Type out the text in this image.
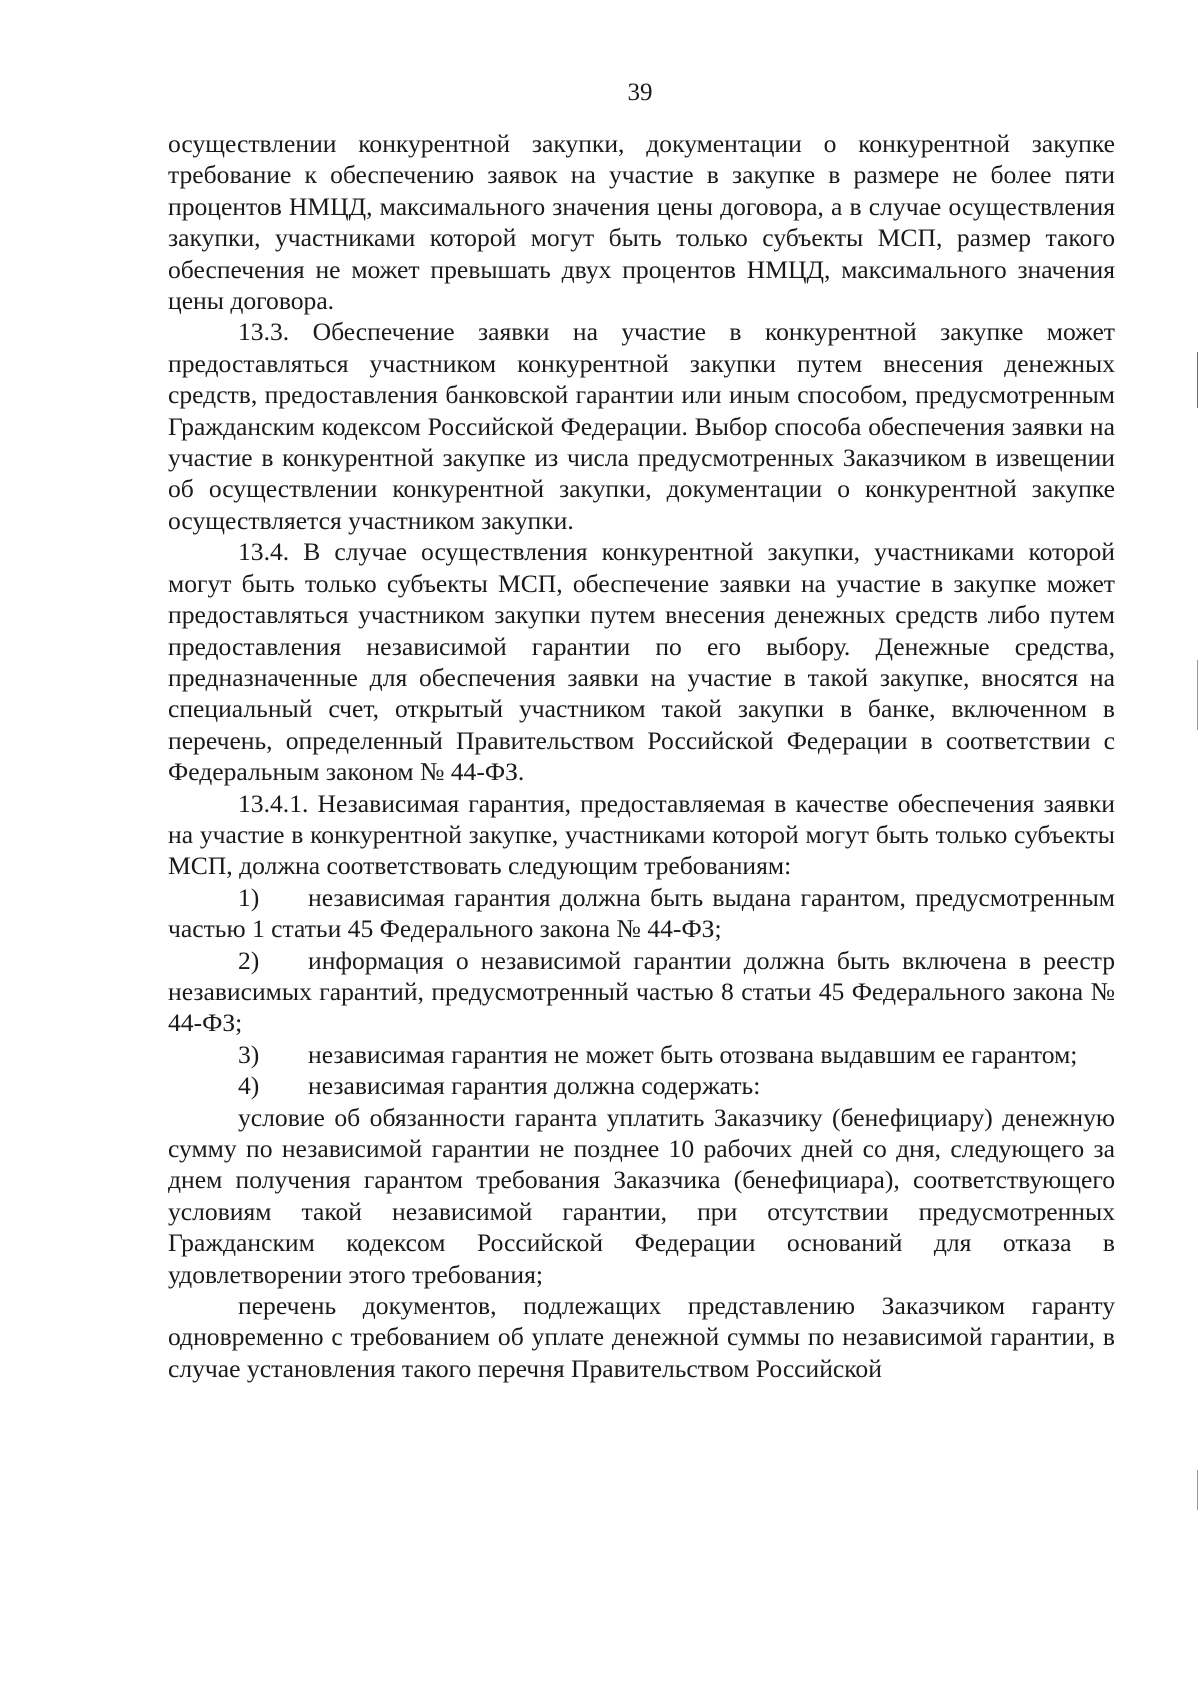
39

осуществлении конкурентной закупки, документации о конкурентной закупке требование к обеспечению заявок на участие в закупке в размере не более пяти процентов НМЦД, максимального значения цены договора, а в случае осуществления закупки, участниками которой могут быть только субъекты МСП, размер такого обеспечения не может превышать двух процентов НМЦД, максимального значения цены договора.

13.3. Обеспечение заявки на участие в конкурентной закупке может предоставляться участником конкурентной закупки путем внесения денежных средств, предоставления банковской гарантии или иным способом, предусмотренным Гражданским кодексом Российской Федерации. Выбор способа обеспечения заявки на участие в конкурентной закупке из числа предусмотренных Заказчиком в извещении об осуществлении конкурентной закупки, документации о конкурентной закупке осуществляется участником закупки.

13.4. В случае осуществления конкурентной закупки, участниками которой могут быть только субъекты МСП, обеспечение заявки на участие в закупке может предоставляться участником закупки путем внесения денежных средств либо путем предоставления независимой гарантии по его выбору. Денежные средства, предназначенные для обеспечения заявки на участие в такой закупке, вносятся на специальный счет, открытый участником такой закупки в банке, включенном в перечень, определенный Правительством Российской Федерации в соответствии с Федеральным законом № 44-ФЗ.

13.4.1. Независимая гарантия, предоставляемая в качестве обеспечения заявки на участие в конкурентной закупке, участниками которой могут быть только субъекты МСП, должна соответствовать следующим требованиям:

1) независимая гарантия должна быть выдана гарантом, предусмотренным частью 1 статьи 45 Федерального закона № 44-ФЗ;

2) информация о независимой гарантии должна быть включена в реестр независимых гарантий, предусмотренный частью 8 статьи 45 Федерального закона № 44-ФЗ;

3) независимая гарантия не может быть отозвана выдавшим ее гарантом;

4) независимая гарантия должна содержать:

условие об обязанности гаранта уплатить Заказчику (бенефициару) денежную сумму по независимой гарантии не позднее 10 рабочих дней со дня, следующего за днем получения гарантом требования Заказчика (бенефициара), соответствующего условиям такой независимой гарантии, при отсутствии предусмотренных Гражданским кодексом Российской Федерации оснований для отказа в удовлетворении этого требования;

перечень документов, подлежащих представлению Заказчиком гаранту одновременно с требованием об уплате денежной суммы по независимой гарантии, в случае установления такого перечня Правительством Российской
